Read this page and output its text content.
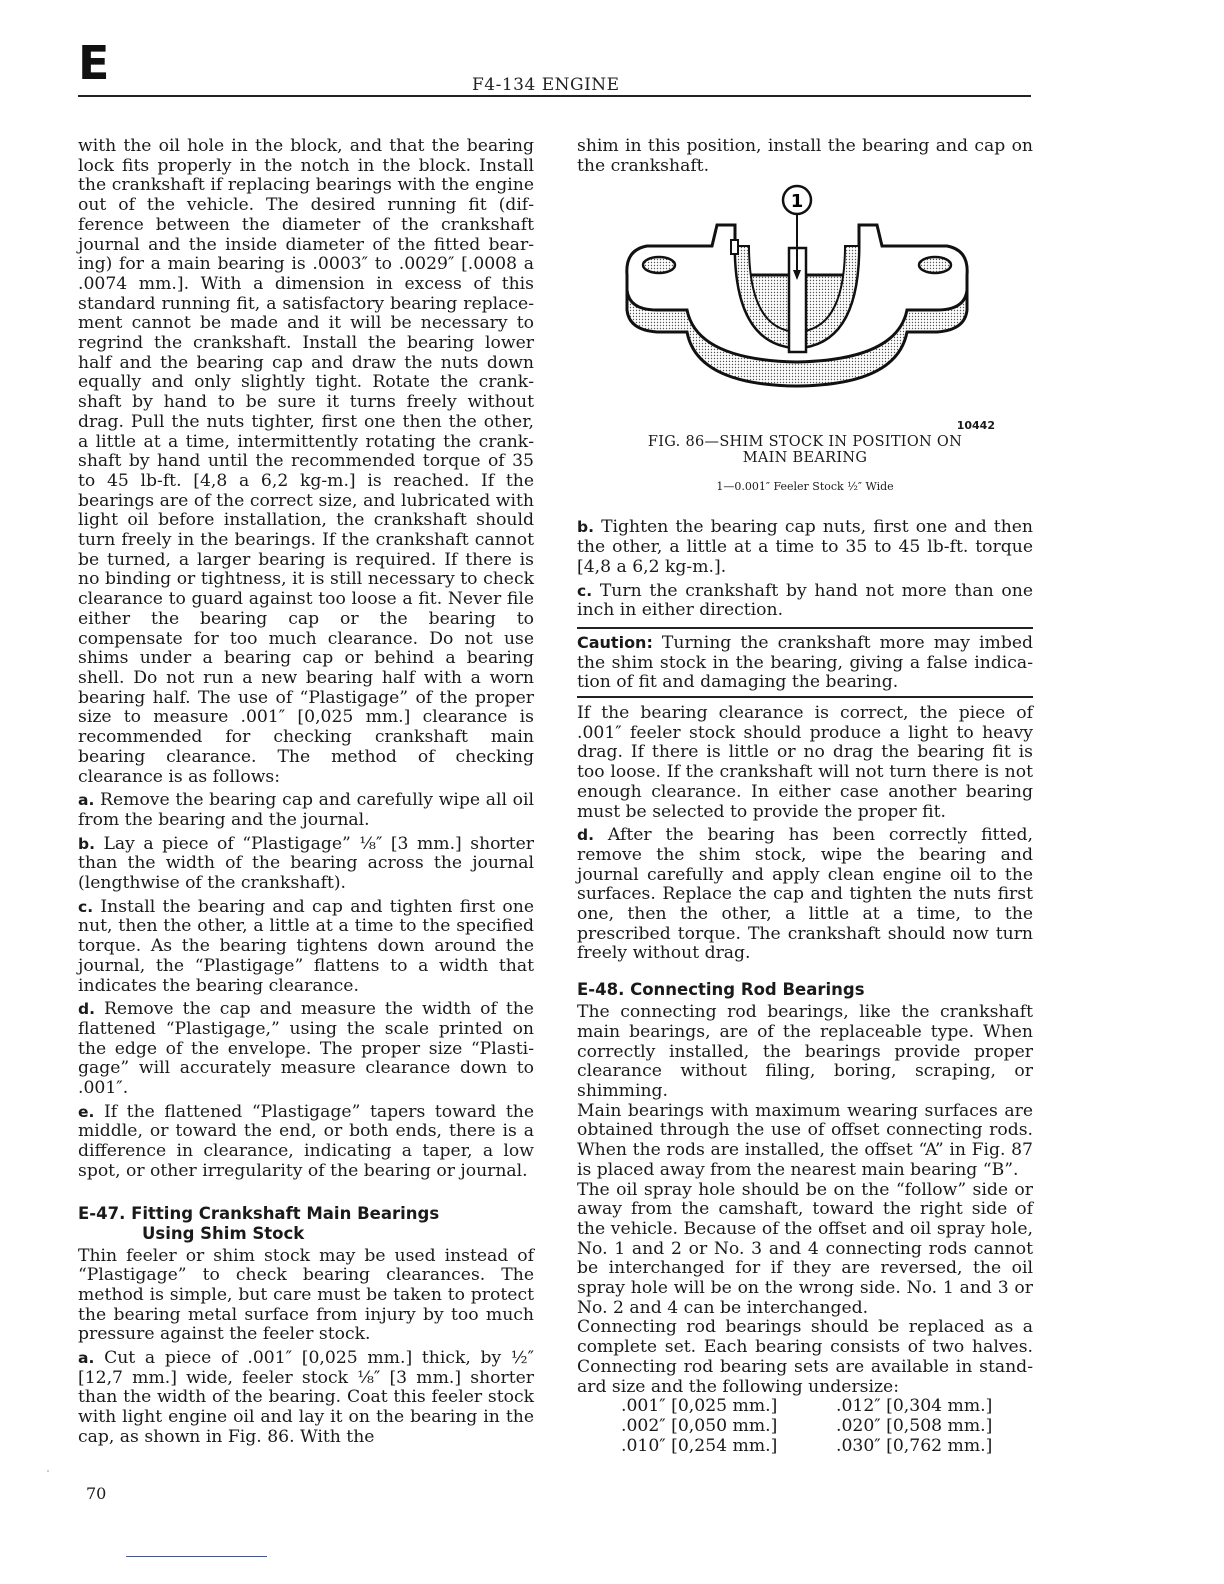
E	F4-134 ENGINE

with the oil hole in the block, and that the bearing lock fits properly in the notch in the block. Install the crankshaft if replacing bearings with the engine out of the vehicle. The desired running fit (difference between the diameter of the crankshaft journal and the inside diameter of the fitted bearing) for a main bearing is .0003″ to .0029″ [.0008 a .0074 mm.]. With a dimension in excess of this standard running fit, a satisfactory bearing replacement cannot be made and it will be necessary to regrind the crankshaft. Install the bearing lower half and the bearing cap and draw the nuts down equally and only slightly tight. Rotate the crankshaft by hand to be sure it turns freely without drag. Pull the nuts tighter, first one then the other, a little at a time, intermittently rotating the crankshaft by hand until the recommended torque of 35 to 45 lb-ft. [4,8 a 6,2 kg-m.] is reached. If the bearings are of the correct size, and lubricated with light oil before installation, the crankshaft should turn freely in the bearings. If the crankshaft cannot be turned, a larger bearing is required. If there is no binding or tightness, it is still necessary to check clearance to guard against too loose a fit. Never file either the bearing cap or the bearing to compensate for too much clearance. Do not use shims under a bearing cap or behind a bearing shell. Do not run a new bearing half with a worn bearing half. The use of “Plastigage” of the proper size to measure .001″ [0,025 mm.] clearance is recommended for checking crankshaft main bearing clearance. The method of checking clearance is as follows:

a. Remove the bearing cap and carefully wipe all oil from the bearing and the journal.

b. Lay a piece of “Plastigage” ⅛″ [3 mm.] shorter than the width of the bearing across the journal (lengthwise of the crankshaft).

c. Install the bearing and cap and tighten first one nut, then the other, a little at a time to the specified torque. As the bearing tightens down around the journal, the “Plastigage” flattens to a width that indicates the bearing clearance.

d. Remove the cap and measure the width of the flattened “Plastigage,” using the scale printed on the edge of the envelope. The proper size “Plastigage” will accurately measure clearance down to .001″.

e. If the flattened “Plastigage” tapers toward the middle, or toward the end, or both ends, there is a difference in clearance, indicating a taper, a low spot, or other irregularity of the bearing or journal.

E-47. Fitting Crankshaft Main Bearings
Using Shim Stock

Thin feeler or shim stock may be used instead of “Plastigage” to check bearing clearances. The method is simple, but care must be taken to protect the bearing metal surface from injury by too much pressure against the feeler stock.

a. Cut a piece of .001″ [0,025 mm.] thick, by ½″ [12,7 mm.] wide, feeler stock ⅛″ [3 mm.] shorter than the width of the bearing. Coat this feeler stock with light engine oil and lay it on the bearing in the cap, as shown in Fig. 86. With the

shim in this position, install the bearing and cap on the crankshaft.

1
10442
FIG. 86—SHIM STOCK IN POSITION ON
MAIN BEARING
1—0.001″ Feeler Stock ½″ Wide

b. Tighten the bearing cap nuts, first one and then the other, a little at a time to 35 to 45 lb-ft. torque [4,8 a 6,2 kg-m.].

c. Turn the crankshaft by hand not more than one inch in either direction.

Caution: Turning the crankshaft more may imbed the shim stock in the bearing, giving a false indication of fit and damaging the bearing.

If the bearing clearance is correct, the piece of .001″ feeler stock should produce a light to heavy drag. If there is little or no drag the bearing fit is too loose. If the crankshaft will not turn there is not enough clearance. In either case another bearing must be selected to provide the proper fit.

d. After the bearing has been correctly fitted, remove the shim stock, wipe the bearing and journal carefully and apply clean engine oil to the surfaces. Replace the cap and tighten the nuts first one, then the other, a little at a time, to the prescribed torque. The crankshaft should now turn freely without drag.

E-48. Connecting Rod Bearings

The connecting rod bearings, like the crankshaft main bearings, are of the replaceable type. When correctly installed, the bearings provide proper clearance without filing, boring, scraping, or shimming.

Main bearings with maximum wearing surfaces are obtained through the use of offset connecting rods. When the rods are installed, the offset “A” in Fig. 87 is placed away from the nearest main bearing “B”.

The oil spray hole should be on the “follow” side or away from the camshaft, toward the right side of the vehicle. Because of the offset and oil spray hole, No. 1 and 2 or No. 3 and 4 connecting rods cannot be interchanged for if they are reversed, the oil spray hole will be on the wrong side. No. 1 and 3 or No. 2 and 4 can be interchanged.

Connecting rod bearings should be replaced as a complete set. Each bearing consists of two halves. Connecting rod bearing sets are available in standard size and the following undersize:

.001″ [0,025 mm.]	.012″ [0,304 mm.]
.002″ [0,050 mm.]	.020″ [0,508 mm.]
.010″ [0,254 mm.]	.030″ [0,762 mm.]
70
